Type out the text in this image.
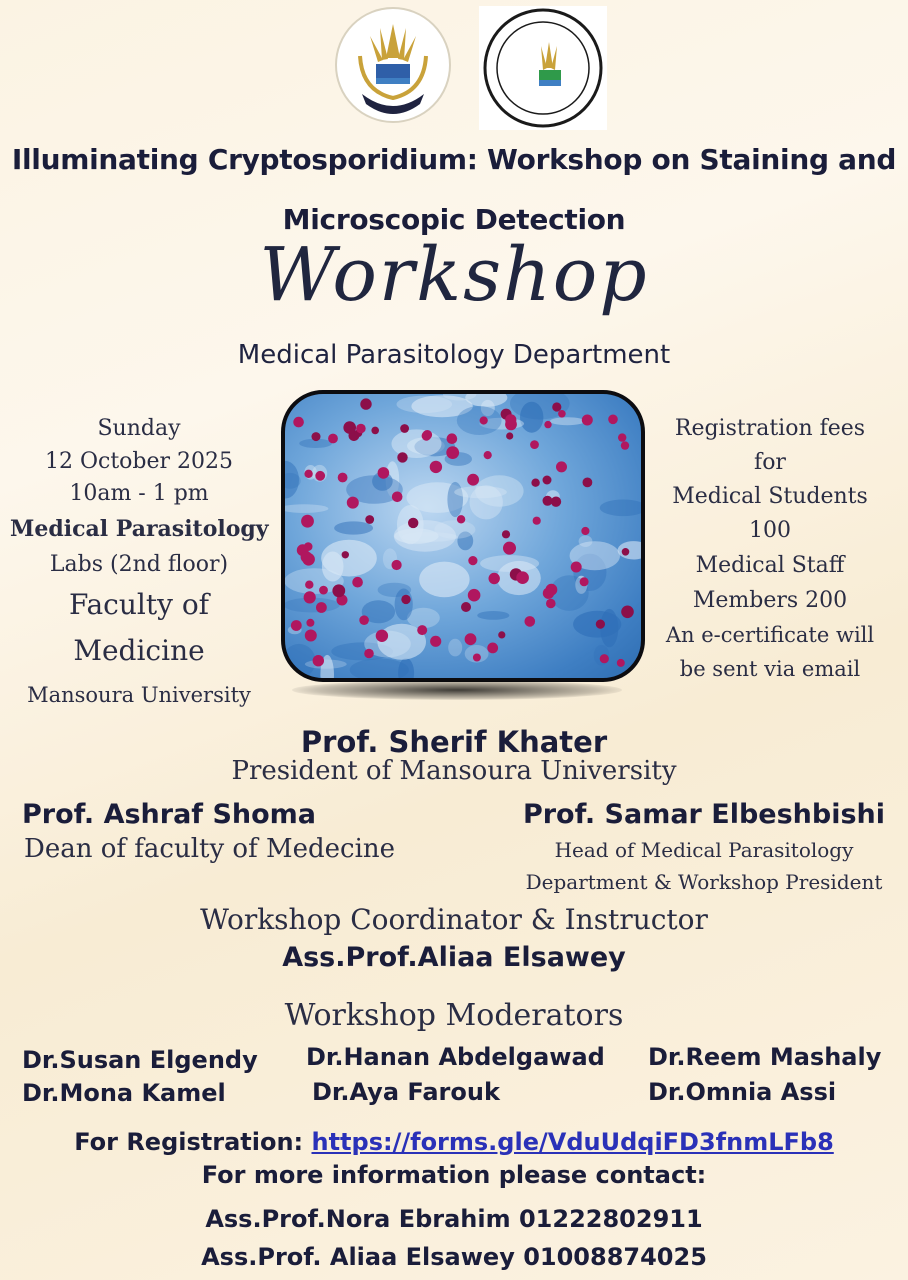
Illuminating Cryptosporidium: Workshop on Staining and
Microscopic Detection
Workshop
Medical Parasitology Department
Sunday
12 October 2025
10am - 1 pm
Medical Parasitology
Labs (2nd floor)
Faculty of
Medicine
Mansoura University
Registration fees
for
Medical Students
100
Medical Staff
Members 200
An e-certificate will
be sent via email
Prof. Sherif Khater
President of Mansoura University
Prof. Ashraf Shoma
Dean of faculty of Medecine
Prof. Samar Elbeshbishi
Head of Medical Parasitology
Department & Workshop President
Workshop Coordinator & Instructor
Ass.Prof.Aliaa Elsawey
Workshop Moderators
Dr.Susan Elgendy
Dr.Mona Kamel
Dr.Hanan Abdelgawad
Dr.Aya Farouk
Dr.Reem Mashaly
Dr.Omnia Assi
For Registration: https://forms.gle/VduUdqiFD3fnmLFb8
For more information please contact:
Ass.Prof.Nora Ebrahim 01222802911
Ass.Prof. Aliaa Elsawey 01008874025
